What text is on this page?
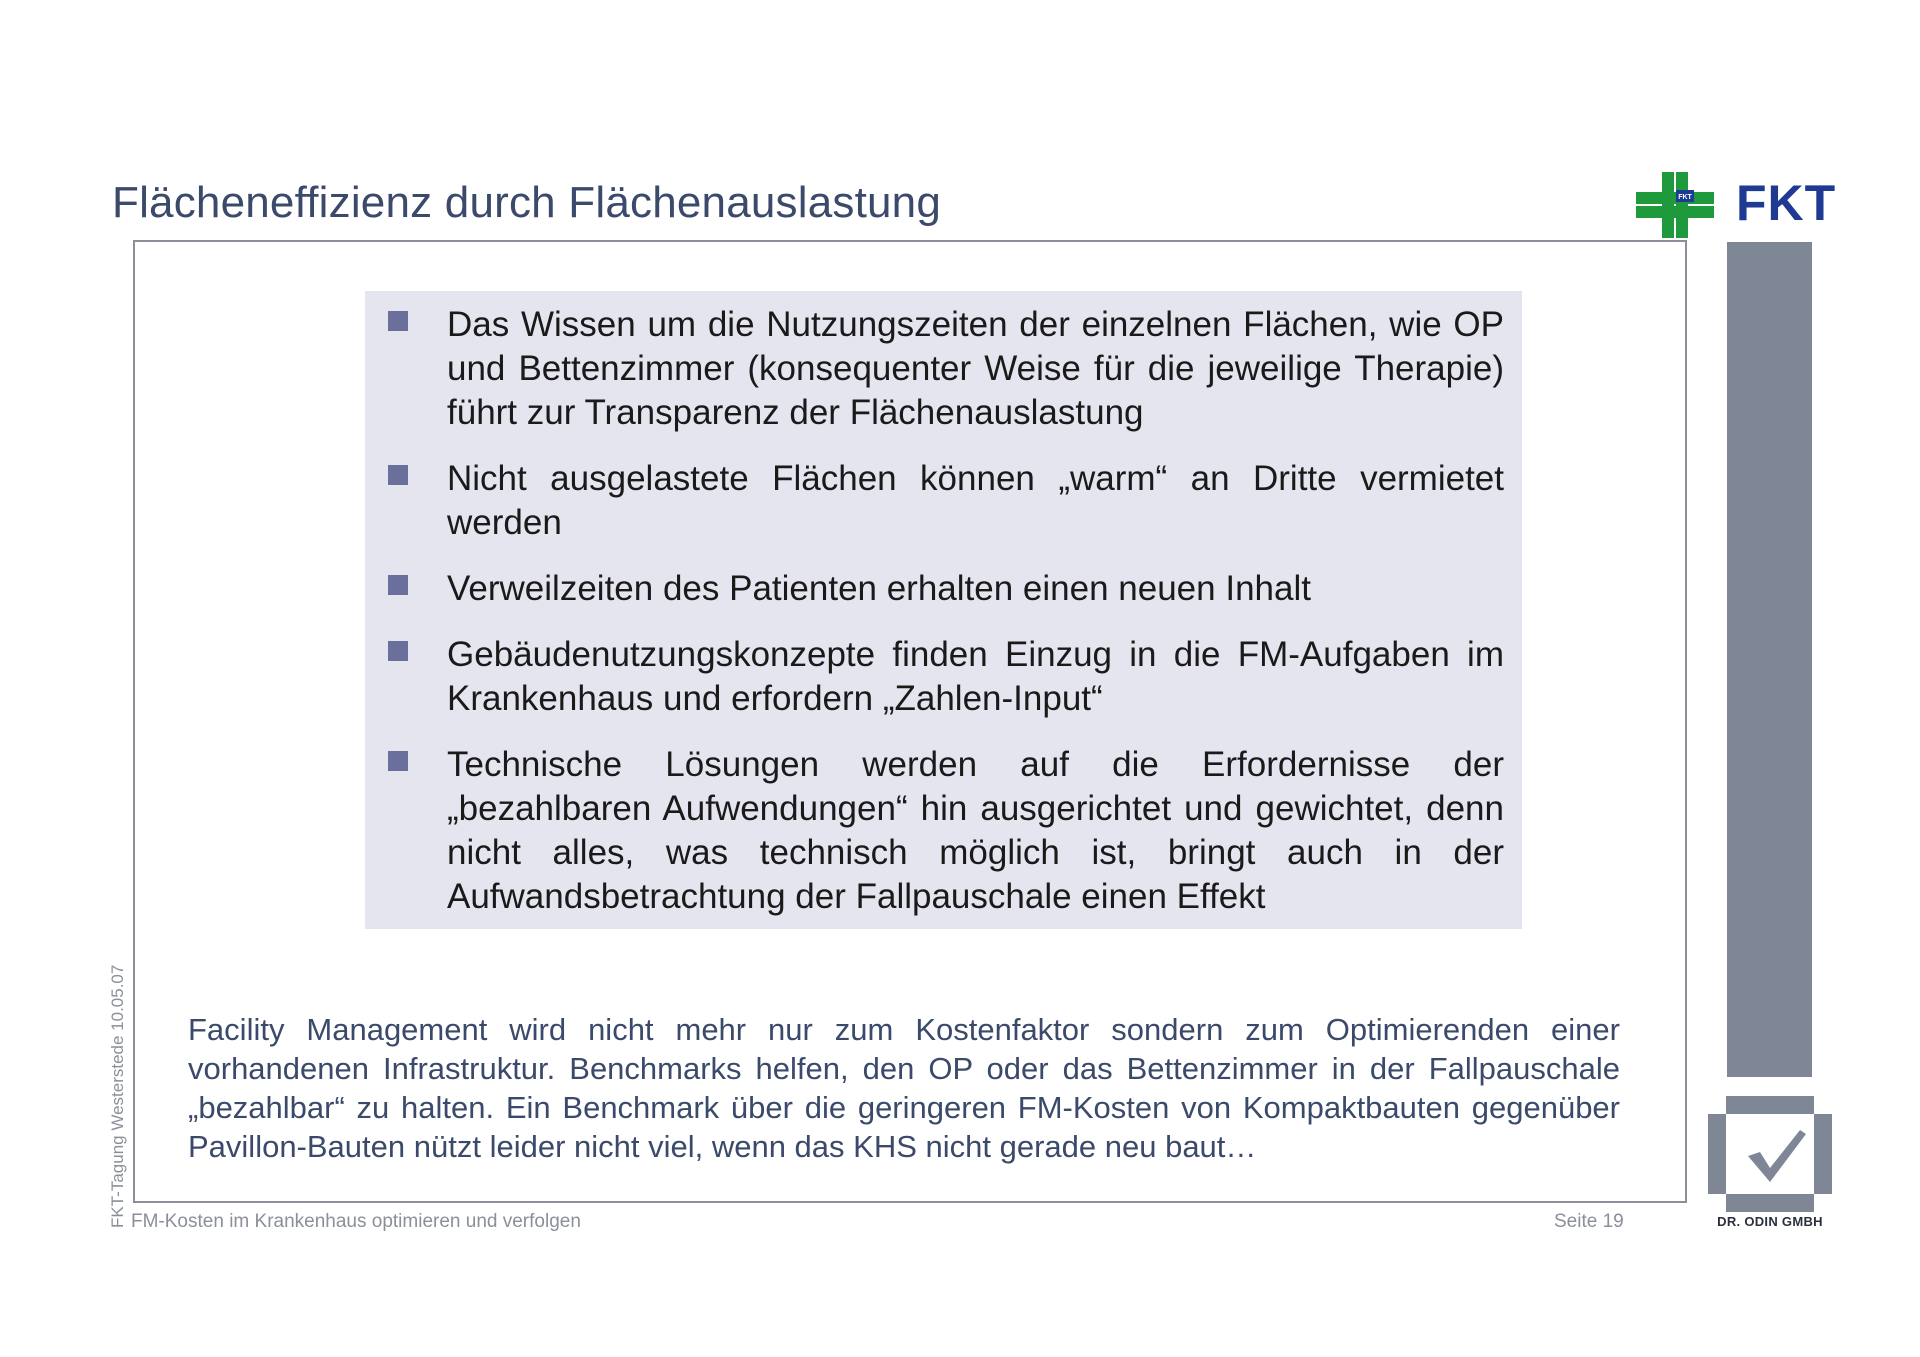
Flächeneffizienz durch Flächenauslastung	FKT FKT
Das Wissen um die Nutzungszeiten der einzelnen Flächen, wie OP und Bettenzimmer (konsequenter Weise für die jeweilige Therapie) führt zur Transparenz der Flächenauslastung
Nicht ausgelastete Flächen können „warm“ an Dritte vermietet werden
Verweilzeiten des Patienten erhalten einen neuen Inhalt
Gebäudenutzungskonzepte finden Einzug in die FM-Aufgaben im Krankenhaus und erfordern „Zahlen-Input“
Technische Lösungen werden auf die Erfordernisse der „bezahlbaren Aufwendungen“ hin ausgerichtet und gewichtet, denn nicht alles, was technisch möglich ist, bringt auch in der Aufwandsbetrachtung der Fallpauschale einen Effekt
Facility Management wird nicht mehr nur zum Kostenfaktor sondern zum Optimierenden einer vorhandenen Infrastruktur. Benchmarks helfen, den OP oder das Bettenzimmer in der Fallpauschale „bezahlbar“ zu halten. Ein Benchmark über die geringeren FM-Kosten von Kompaktbauten gegenüber Pavillon-Bauten nützt leider nicht viel, wenn das KHS nicht gerade neu baut…
FKT-Tagung Westerstede 10.05.07 FM-Kosten im Krankenhaus optimieren und verfolgen	Seite 19	DR. ODIN GMBH
